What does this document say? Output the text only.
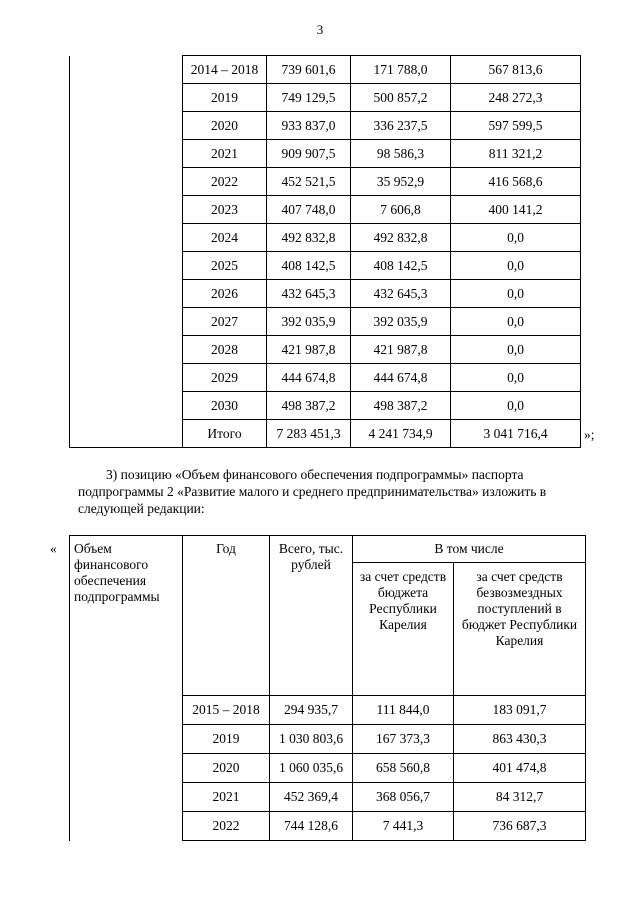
3
	2014 – 2018	739 601,6	171 788,0	567 813,6
	2019	749 129,5	500 857,2	248 272,3
	2020	933 837,0	336 237,5	597 599,5
	2021	909 907,5	98 586,3	811 321,2
	2022	452 521,5	35 952,9	416 568,6
	2023	407 748,0	7 606,8	400 141,2
	2024	492 832,8	492 832,8	0,0
	2025	408 142,5	408 142,5	0,0
	2026	432 645,3	432 645,3	0,0
	2027	392 035,9	392 035,9	0,0
	2028	421 987,8	421 987,8	0,0
	2029	444 674,8	444 674,8	0,0
	2030	498 387,2	498 387,2	0,0
	Итого	7 283 451,3	4 241 734,9	3 041 716,4	»;
3) позицию «Объем финансового обеспечения подпрограммы» паспорта
подпрограммы 2 «Развитие малого и среднего предпринимательства» изложить в
следующей редакции:
« Объем финансового обеспечения подпрограммы	Год	Всего, тыс. рублей	В том числе	
			за счет средств бюджета Республики Карелия	за счет средств безвозмездных поступлений в бюджет Республики Карелия
	2015 – 2018	294 935,7	111 844,0	183 091,7
	2019	1 030 803,6	167 373,3	863 430,3
	2020	1 060 035,6	658 560,8	401 474,8
	2021	452 369,4	368 056,7	84 312,7
	2022	744 128,6	7 441,3	736 687,3
